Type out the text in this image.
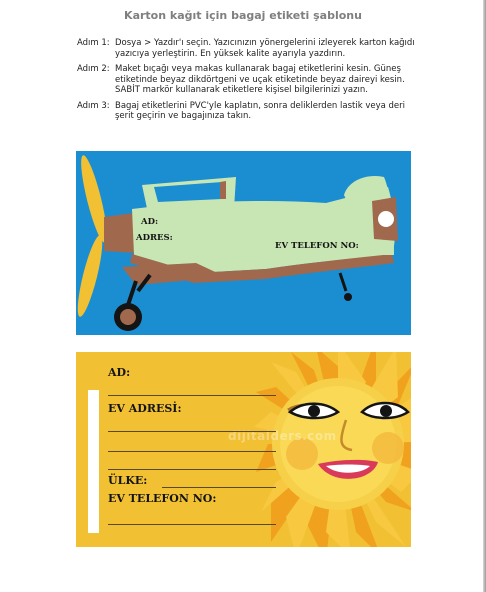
Karton kağıt için bagaj etiketi şablonu
Adım 1: Dosya > Yazdır'ı seçin. Yazıcınızın yönergelerini izleyerek karton kağıdı yazıcıya yerleştirin. En yüksek kalite ayarıyla yazdırın.
Adım 2: Maket bıçağı veya makas kullanarak bagaj etiketlerini kesin. Güneş etiketinde beyaz dikdörtgeni ve uçak etiketinde beyaz daireyi kesin. SABİT markör kullanarak etiketlere kişisel bilgilerinizi yazın.
Adım 3: Bagaj etiketlerini PVC'yle kaplatın, sonra deliklerden lastik veya deri şerit geçirin ve bagajınıza takın.
AD:
ADRES:
EV TELEFON NO:
dijitalders.com
AD:
EV ADRESİ:
ÜLKE:
EV TELEFON NO:
